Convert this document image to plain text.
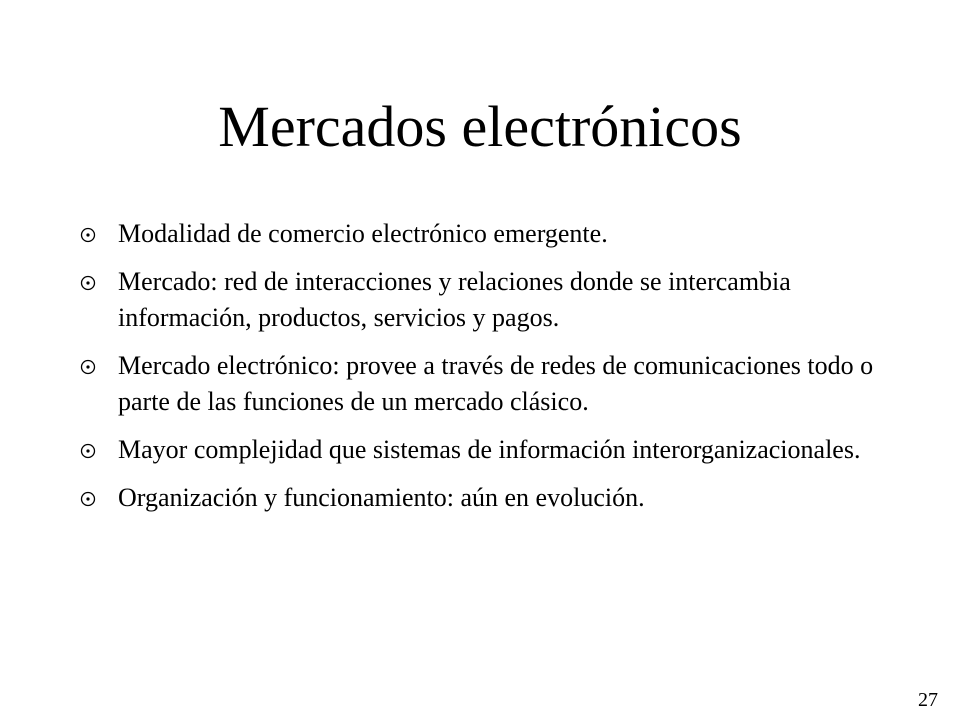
Mercados electrónicos
Modalidad de comercio electrónico emergente.
Mercado: red de interacciones y relaciones donde se intercambia información, productos, servicios y pagos.
Mercado electrónico: provee a través de redes de comunicaciones todo o parte de las funciones de un mercado clásico.
Mayor complejidad que sistemas de información interorganizacionales.
Organización y funcionamiento: aún en evolución.
27
